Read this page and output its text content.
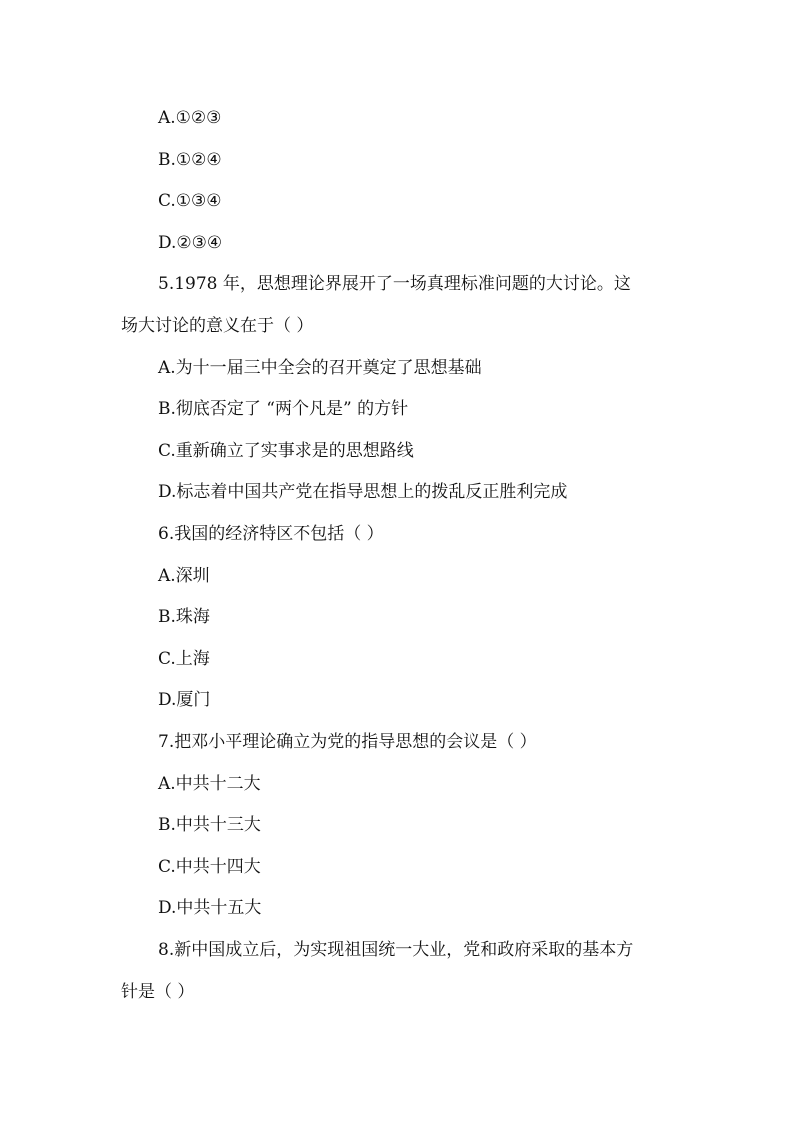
A.①②③
B.①②④
C.①③④
D.②③④
5.1978 年，思想理论界展开了一场真理标准问题的大讨论。这
场大讨论的意义在于（ ）
A.为十一届三中全会的召开奠定了思想基础
B.彻底否定了 “两个凡是” 的方针
C.重新确立了实事求是的思想路线
D.标志着中国共产党在指导思想上的拨乱反正胜利完成
6.我国的经济特区不包括（ ）
A.深圳
B.珠海
C.上海
D.厦门
7.把邓小平理论确立为党的指导思想的会议是（ ）
A.中共十二大
B.中共十三大
C.中共十四大
D.中共十五大
8.新中国成立后，为实现祖国统一大业，党和政府采取的基本方
针是（ ）
